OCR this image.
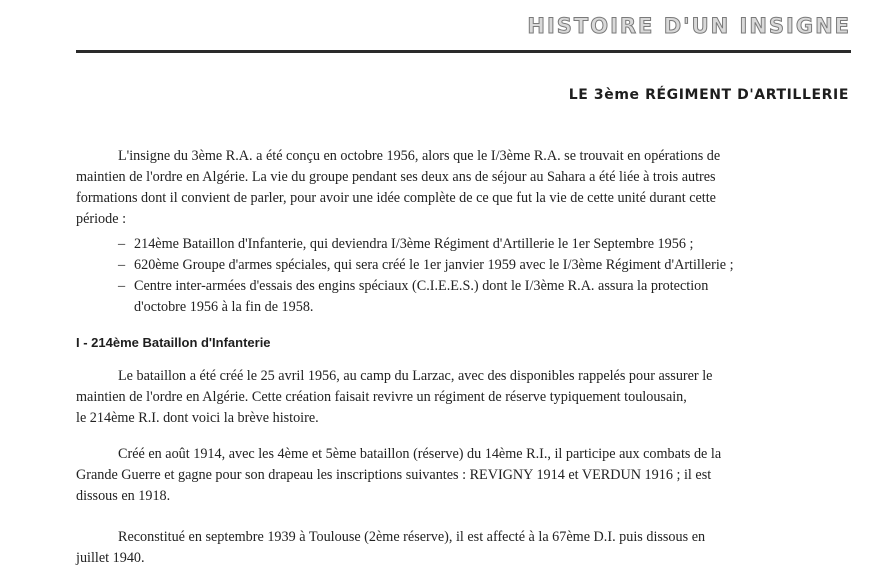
HISTOIRE D'UN INSIGNE
LE 3ème RÉGIMENT D'ARTILLERIE

L'insigne du 3ème R.A. a été conçu en octobre 1956, alors que le I/3ème R.A. se trouvait en opérations de
maintien de l'ordre en Algérie. La vie du groupe pendant ses deux ans de séjour au Sahara a été liée à trois autres
formations dont il convient de parler, pour avoir une idée complète de ce que fut la vie de cette unité durant cette
période :

– 214ème Bataillon d'Infanterie, qui deviendra I/3ème Régiment d'Artillerie le 1er Septembre 1956 ;
– 620ème Groupe d'armes spéciales, qui sera créé le 1er janvier 1959 avec le I/3ème Régiment d'Artillerie ;
– Centre inter-armées d'essais des engins spéciaux (C.I.E.E.S.) dont le I/3ème R.A. assura la protection
d'octobre 1956 à la fin de 1958.
I - 214ème Bataillon d'Infanterie

Le bataillon a été créé le 25 avril 1956, au camp du Larzac, avec des disponibles rappelés pour assurer le
maintien de l'ordre en Algérie. Cette création faisait revivre un régiment de réserve typiquement toulousain,
le 214ème R.I. dont voici la brève histoire.

Créé en août 1914, avec les 4ème et 5ème bataillon (réserve) du 14ème R.I., il participe aux combats de la
Grande Guerre et gagne pour son drapeau les inscriptions suivantes : REVIGNY 1914 et VERDUN 1916 ; il est
dissous en 1918.

Reconstitué en septembre 1939 à Toulouse (2ème réserve), il est affecté à la 67ème D.I. puis dissous en
juillet 1940.
